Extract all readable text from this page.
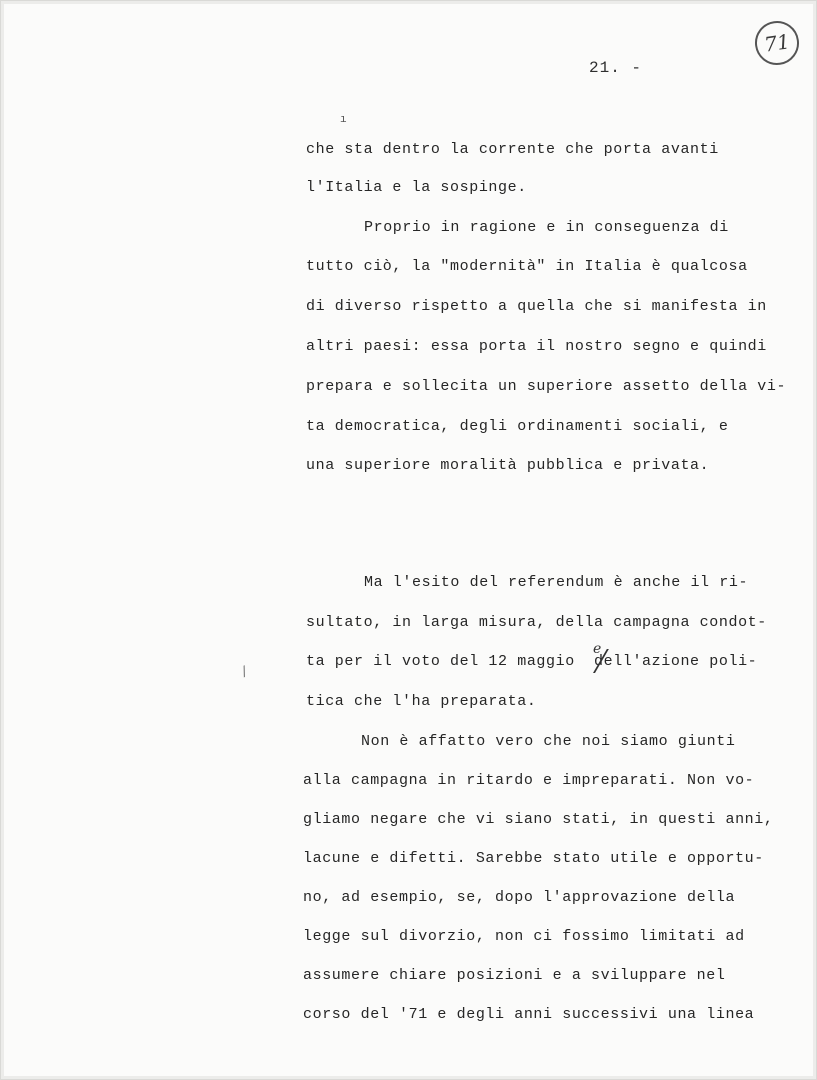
71
21. -
ı
/
che sta dentro la corrente che porta avanti
l'Italia e la sospinge.
Proprio in ragione e in conseguenza di
tutto ciò, la "modernità" in Italia è qualcosa
di diverso rispetto a quella che si manifesta in
altri paesi: essa porta il nostro segno e quindi
prepara e sollecita un superiore assetto della vi-
ta democratica, degli ordinamenti sociali, e
una superiore moralità pubblica e privata.
Ma l'esito del referendum è anche il ri-
sultato, in larga misura, della campagna condot-
ta per il voto del 12 maggio  dell'azione poli-
e
tica che l'ha preparata.
Non è affatto vero che noi siamo giunti
alla campagna in ritardo e impreparati. Non vo-
gliamo negare che vi siano stati, in questi anni,
lacune e difetti. Sarebbe stato utile e opportu-
no, ad esempio, se, dopo l'approvazione della
legge sul divorzio, non ci fossimo limitati ad
assumere chiare posizioni e a sviluppare nel
corso del '71 e degli anni successivi una linea
